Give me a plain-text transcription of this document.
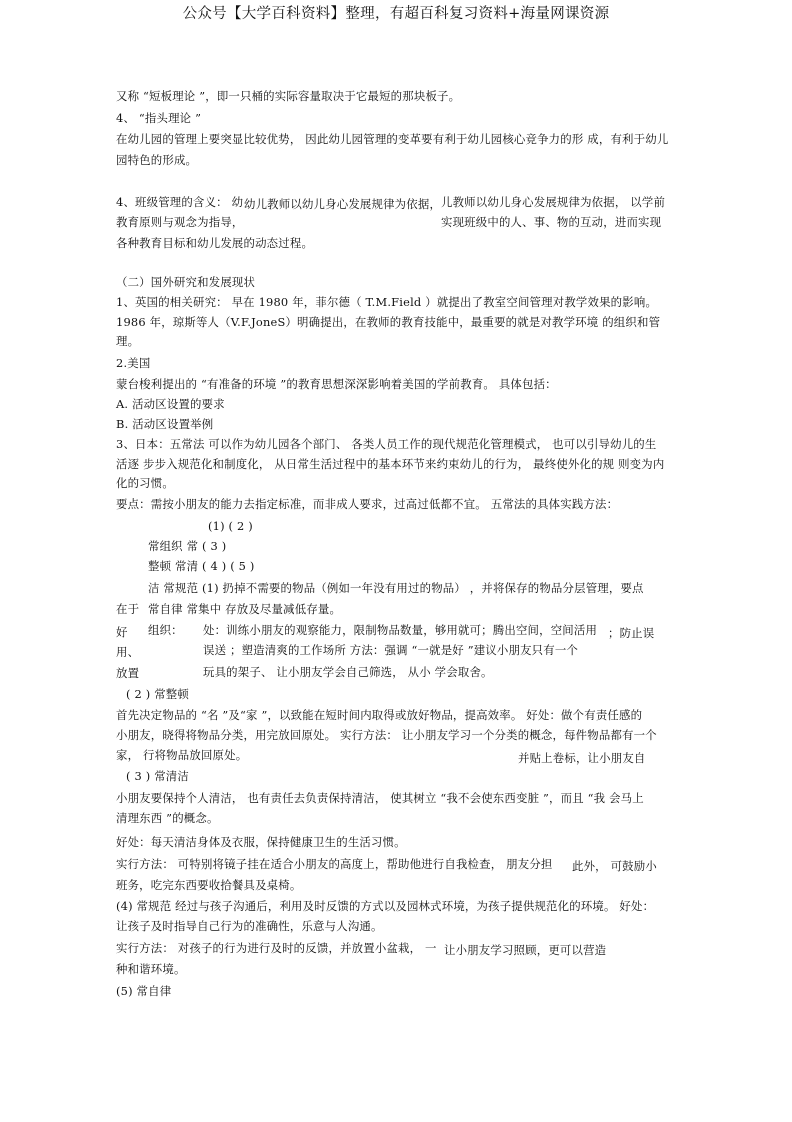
公众号【大学百科资料】整理，有超百科复习资料+海量网课资源
又称 “短板理论 ”，即一只桶的实际容量取决于它最短的那块板子。
4、 “指头理论 ”
在幼儿园的管理上要突显比较优势， 因此幼儿园管理的变革要有利于幼儿园核心竞争力的形 成，有利于幼儿
园特色的形成。
4、班级管理的含义： 幼 幼儿教师以幼儿身心发展规律为依据， 儿教师以幼儿身心发展规律为依据， 以学前
教育原则与观念为指导，	实现班级中的人、事、物的互动，进而实现
各种教育目标和幼儿发展的动态过程。
（二）国外研究和发展现状
1、英国的相关研究： 早在 1980 年，菲尔德（ T.M.Field ）就提出了教室空间管理对教学效果的影响。
1986 年，琼斯等人（V.F.JoneS）明确提出，在教师的教育技能中，最重要的就是对教学环境 的组织和管
理。
2.美国
蒙台梭利提出的 “有准备的环境 ”的教育思想深深影响着美国的学前教育。 具体包括：
A. 活动区设置的要求
B. 活动区设置举例
3、日本：五常法 可以作为幼儿园各个部门、 各类人员工作的现代规范化管理模式， 也可以引导幼儿的生
活逐 步步入规范化和制度化， 从日常生活过程中的基本环节来约束幼儿的行为， 最终使外化的规 则变为内
化的习惯。
要点：需按小朋友的能力去指定标准，而非成人要求，过高过低都不宜。 五常法的具体实践方法：
(1) ( 2 )
常组织 常 ( 3 )
整顿 常清 ( 4 ) ( 5 )
洁 常规范 (1) 扔掉不需要的物品（例如一年没有用过的物品） ，并将保存的物品分层管理，要点
在于 常自律 常集中 存放及尽量减低存量。
好 组织： 处：训练小朋友的观察能力，限制物品数量，够用就可；腾出空间，空间活用 ；防止误
用、	误送 ；塑造清爽的工作场所 方法：强调 “一就是好 ”建议小朋友只有一个
放置	玩具的架子、 让小朋友学会自己筛选， 从小 学会取舍。
( 2 ) 常整顿
首先决定物品的 “名 ”及“家 ”，以致能在短时间内取得或放好物品，提高效率。 好处：做个有责任感的
小朋友，晓得将物品分类，用完放回原处。 实行方法： 让小朋友学习一个分类的概念，每件物品都有一个
家， 行将物品放回原处。	并贴上卷标，让小朋友自
( 3 ) 常清洁
小朋友要保持个人清洁， 也有责任去负责保持清洁， 使其树立 “我不会使东西变脏 ”，而且 “我 会马上
清理东西 ”的概念。
好处：每天清洁身体及衣服，保持健康卫生的生活习惯。
实行方法： 可特别将镜子挂在适合小朋友的高度上，帮助他进行自我检查， 朋友分担 此外， 可鼓励小
班务，吃完东西要收拾餐具及桌椅。
(4) 常规范 经过与孩子沟通后，利用及时反馈的方式以及园林式环境，为孩子提供规范化的环境。 好处：
让孩子及时指导自己行为的准确性，乐意与人沟通。
实行方法： 对孩子的行为进行及时的反馈，并放置小盆栽， 一 让小朋友学习照顾，更可以营造
种和谐环境。
(5) 常自律
